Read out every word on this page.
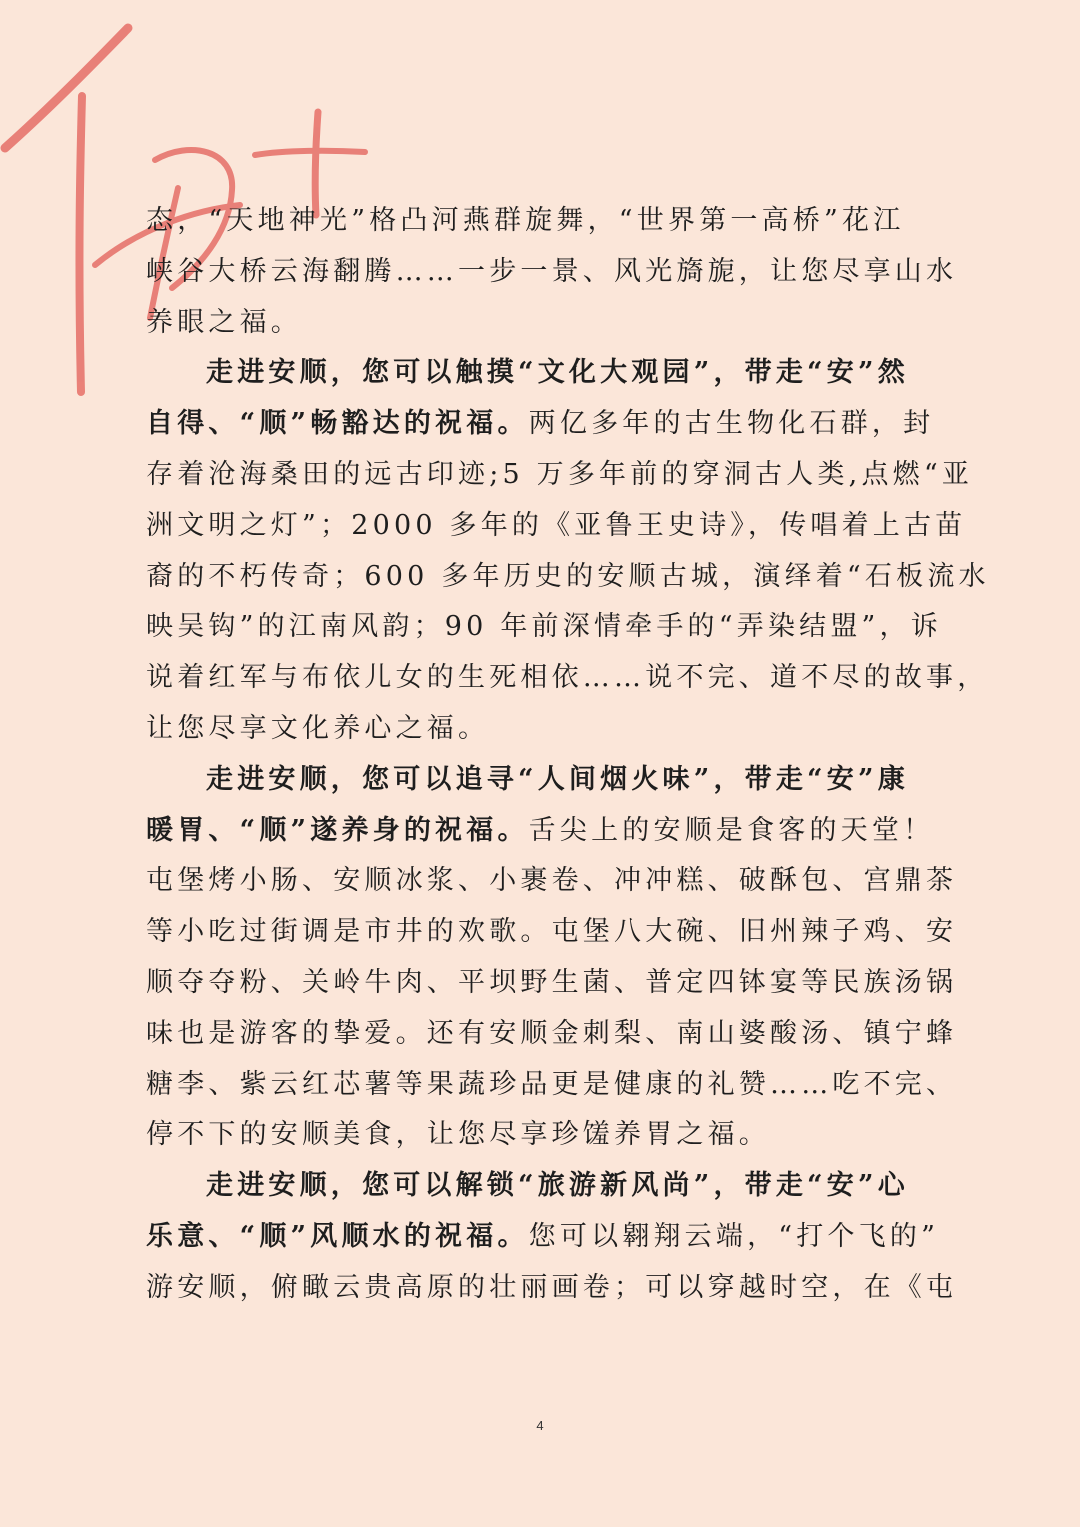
态，“天地神光”格凸河燕群旋舞，“世界第一高桥”花江
峡谷大桥云海翻腾……一步一景、风光旖旎，让您尽享山水
养眼之福。
走进安顺，您可以触摸“文化大观园”，带走“安”然
自得、“顺”畅豁达的祝福。两亿多年的古生物化石群，封
存着沧海桑田的远古印迹;5 万多年前的穿洞古人类,点燃“亚
洲文明之灯”；2000 多年的《亚鲁王史诗》，传唱着上古苗
裔的不朽传奇；600 多年历史的安顺古城，演绎着“石板流水
映吴钩”的江南风韵；90 年前深情牵手的“弄染结盟”，诉
说着红军与布依儿女的生死相依……说不完、道不尽的故事，
让您尽享文化养心之福。
走进安顺，您可以追寻“人间烟火味”，带走“安”康
暖胃、“顺”遂养身的祝福。舌尖上的安顺是食客的天堂！
屯堡烤小肠、安顺冰浆、小裹卷、冲冲糕、破酥包、宫鼎茶
等小吃过街调是市井的欢歌。屯堡八大碗、旧州辣子鸡、安
顺夺夺粉、关岭牛肉、平坝野生菌、普定四钵宴等民族汤锅
味也是游客的挚爱。还有安顺金刺梨、南山婆酸汤、镇宁蜂
糖李、紫云红芯薯等果蔬珍品更是健康的礼赞……吃不完、
停不下的安顺美食，让您尽享珍馐养胃之福。
走进安顺，您可以解锁“旅游新风尚”，带走“安”心
乐意、“顺”风顺水的祝福。您可以翱翔云端，“打个飞的”
游安顺，俯瞰云贵高原的壮丽画卷；可以穿越时空，在《屯
4
